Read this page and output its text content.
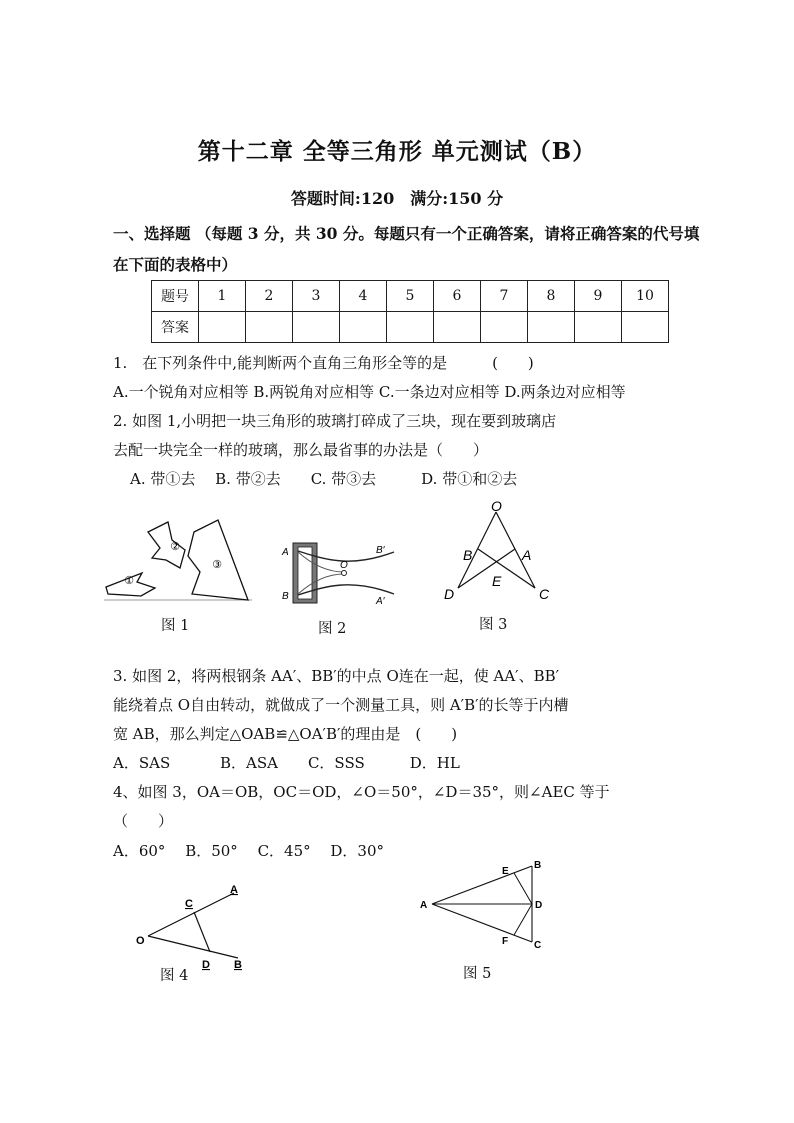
第十二章 全等三角形 单元测试（B）
答题时间:120　满分:150 分
一、选择题 （每题 3 分，共 30 分。每题只有一个正确答案，请将正确答案的代号填
在下面的表格中）
题号	1	2	3	4	5	6	7	8	9	10
答案										
1.　在下列条件中,能判断两个直角三角形全等的是　　　(　　)
A.一个锐角对应相等 B.两锐角对应相等 C.一条边对应相等 D.两条边对应相等
2. 如图 1,小明把一块三角形的玻璃打碎成了三块，现在要到玻璃店
去配一块完全一样的玻璃，那么最省事的办法是（　　）
A. 带①去　 B. 带②去　　C. 带③去　　　D. 带①和②去
①
②
③
图 1
A
B
O
B′
A′
图 2
O
B	A
E
D	C
图 3
3. 如图 2，将两根钢条 AA′、BB′的中点 O连在一起，使 AA′、BB′
能绕着点 O自由转动，就做成了一个测量工具，则 A′B′的长等于内槽
宽 AB，那么判定△OAB≌△OA′B′的理由是　(　　)
A．SAS　　　 B．ASA　　C．SSS　　　D．HL
4、如图 3，OA＝OB，OC＝OD，∠O＝50°，∠D＝35°，则∠AEC 等于
（　　）
A．60°　 B．50°　 C．45°　 D．30°
A
C
O
D B
图 4
A
E
B
D
F	C
图 5
